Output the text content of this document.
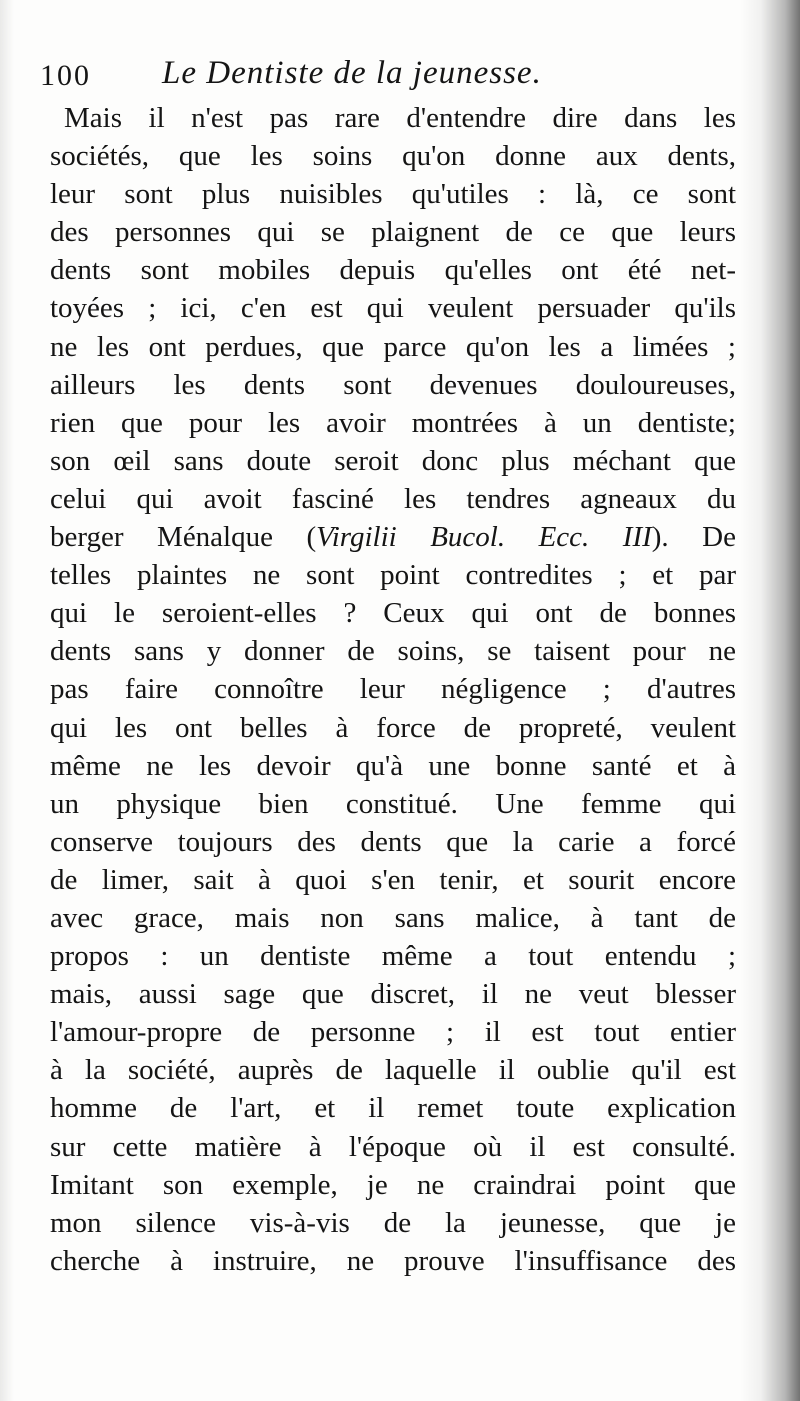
100 Le Dentiste de la jeunesse.
Mais il n'est pas rare d'entendre dire dans les
sociétés, que les soins qu'on donne aux dents,
leur sont plus nuisibles qu'utiles : là, ce sont
des personnes qui se plaignent de ce que leurs
dents sont mobiles depuis qu'elles ont été net-
toyées ; ici, c'en est qui veulent persuader qu'ils
ne les ont perdues, que parce qu'on les a limées ;
ailleurs les dents sont devenues douloureuses,
rien que pour les avoir montrées à un dentiste;
son œil sans doute seroit donc plus méchant que
celui qui avoit fasciné les tendres agneaux du
berger Ménalque (Virgilii Bucol. Ecc. III). De
telles plaintes ne sont point contredites ; et par
qui le seroient-elles ? Ceux qui ont de bonnes
dents sans y donner de soins, se taisent pour ne
pas faire connoître leur négligence ; d'autres
qui les ont belles à force de propreté, veulent
même ne les devoir qu'à une bonne santé et à
un physique bien constitué. Une femme qui
conserve toujours des dents que la carie a forcé
de limer, sait à quoi s'en tenir, et sourit encore
avec grace, mais non sans malice, à tant de
propos : un dentiste même a tout entendu ;
mais, aussi sage que discret, il ne veut blesser
l'amour-propre de personne ; il est tout entier
à la société, auprès de laquelle il oublie qu'il est
homme de l'art, et il remet toute explication
sur cette matière à l'époque où il est consulté.
Imitant son exemple, je ne craindrai point que
mon silence vis-à-vis de la jeunesse, que je
cherche à instruire, ne prouve l'insuffisance des
